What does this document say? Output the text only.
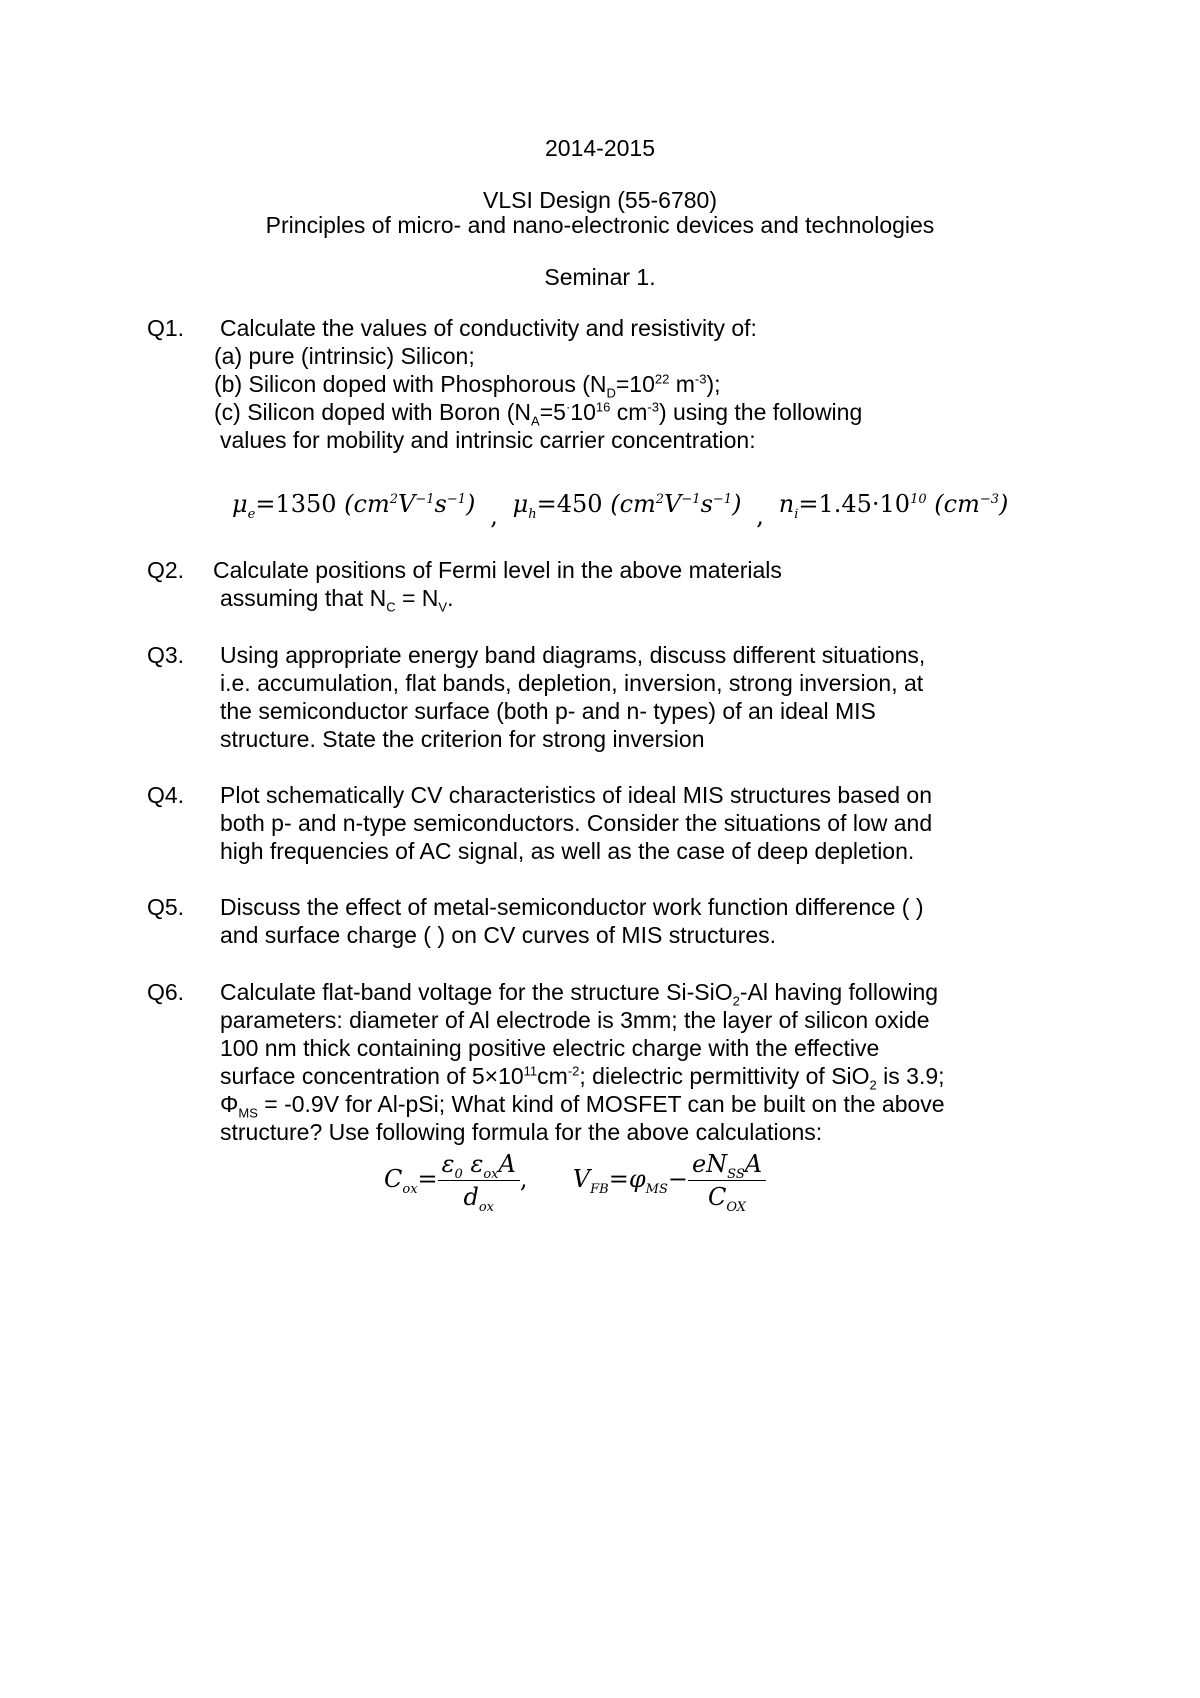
2014-2015
VLSI Design (55-6780)
Principles of micro- and nano-electronic devices and technologies
Seminar 1.
Q1. Calculate the values of conductivity and resistivity of:
(a) pure (intrinsic) Silicon;
(b) Silicon doped with Phosphorous ($N_D=10^{22}$ $m^{-3}$);
(c) Silicon doped with Boron ($N_A=5^\cdot 10^{16}$ $cm^{-3}$) using the following
values for mobility and intrinsic carrier concentration:
$\mu_e=1350$ $(cm^2V^{-1}s^{-1})$ , $\mu_h=450$ $(cm^2V^{-1}s^{-1})$ , $n_i=1.45\cdot 10^{10}$ $(cm^{-3})$
Q2. Calculate positions of Fermi level in the above materials
assuming that $N_C = N_V$.
Q3. Using appropriate energy band diagrams, discuss different situations,
i.e. accumulation, flat bands, depletion, inversion, strong inversion, at
the semiconductor surface (both p- and n- types) of an ideal MIS
structure. State the criterion for strong inversion
Q4. Plot schematically CV characteristics of ideal MIS structures based on
both p- and n-type semiconductors. Consider the situations of low and
high frequencies of AC signal, as well as the case of deep depletion.
Q5. Discuss the effect of metal-semiconductor work function difference ( )
and surface charge ( ) on CV curves of MIS structures.
Q6. Calculate flat-band voltage for the structure Si-SiO$_2$-Al having following
parameters: diameter of Al electrode is 3mm; the layer of silicon oxide
100 nm thick containing positive electric charge with the effective
surface concentration of $5\times 10^{11}cm^{-2}$; dielectric permittivity of SiO$_2$ is 3.9;
$\Phi_{MS} = -0.9V$ for Al-pSi; What kind of MOSFET can be built on the above
structure? Use following formula for the above calculations:
$C_{ox}= \frac{\varepsilon_0 \varepsilon_{ox}A}{d_{ox}}$ , $V_{FB}=\varphi_{MS}- \frac{eN_{SS}A}{C_{OX}}$
